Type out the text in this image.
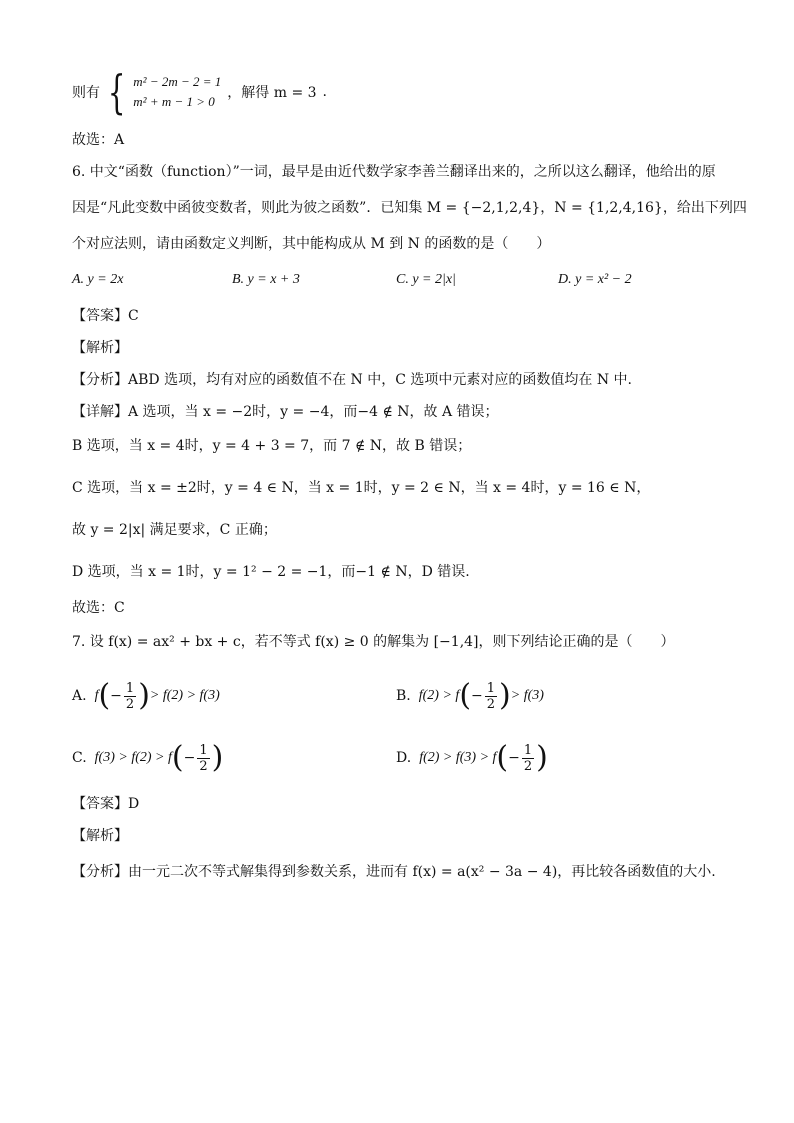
则有 { m² − 2m − 2 = 1
m² + m − 1 > 0
，解得 m = 3 .
故选：A
6. 中文“函数（function）”一词，最早是由近代数学家李善兰翻译出来的，之所以这么翻译，他给出的原
因是“凡此变数中函彼变数者，则此为彼之函数”．已知集 M = {−2,1,2,4}，N = {1,2,4,16}，给出下列四
个对应法则，请由函数定义判断，其中能构成从 M 到 N 的函数的是（　　）
A. y = 2x	B. y = x + 3	C. y = 2|x|	D. y = x² − 2
【答案】C
【解析】
【分析】ABD 选项，均有对应的函数值不在 N 中，C 选项中元素对应的函数值均在 N 中.
【详解】A 选项，当 x = −2时，y = −4，而−4 ∉ N，故 A 错误；
B 选项，当 x = 4时，y = 4 + 3 = 7，而 7 ∉ N，故 B 错误；
C 选项，当 x = ±2时，y = 4 ∈ N，当 x = 1时，y = 2 ∈ N，当 x = 4时，y = 16 ∈ N，
故 y = 2|x| 满足要求，C 正确；
D 选项，当 x = 1时，y = 1² − 2 = −1，而−1 ∉ N，D 错误.
故选：C
7. 设 f(x) = ax² + bx + c，若不等式 f(x) ≥ 0 的解集为 [−1,4]，则下列结论正确的是（　　）
A. f ( − $\frac{1}{2}$ ) > f(2) > f(3)	B. f(2) > f ( − $\frac{1}{2}$ ) > f(3)
C. f(3) > f(2) > f ( − $\frac{1}{2}$ )	D. f(2) > f(3) > f ( − $\frac{1}{2}$ )
【答案】D
【解析】
【分析】由一元二次不等式解集得到参数关系，进而有 f(x) = a(x² − 3a − 4)，再比较各函数值的大小.
